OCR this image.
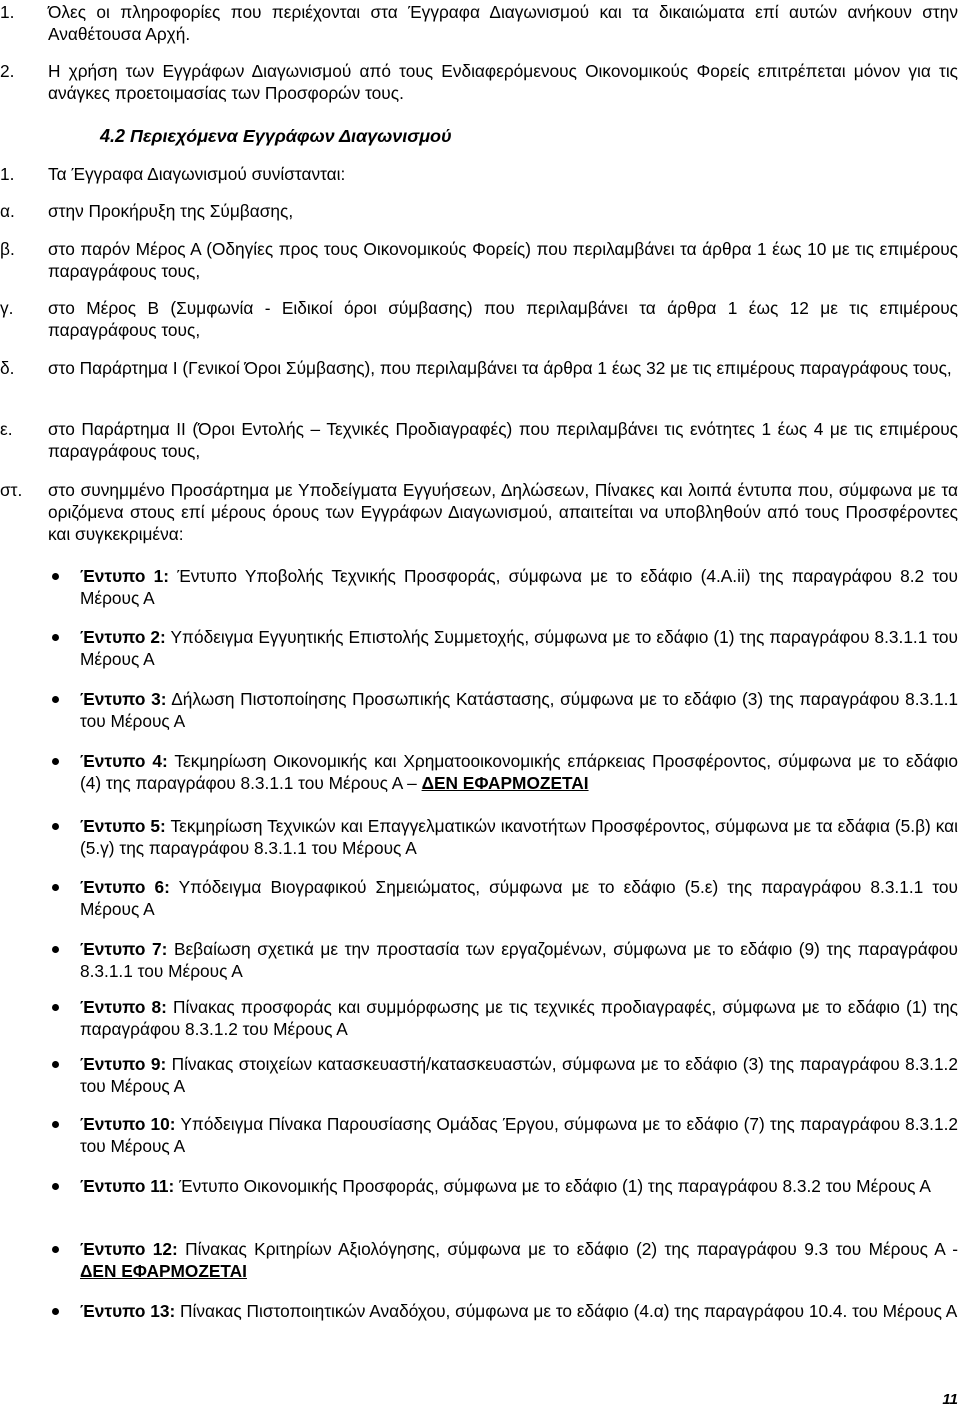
1.	Όλες οι πληροφορίες που περιέχονται στα Έγγραφα Διαγωνισμού και τα δικαιώματα επί αυτών ανήκουν στην Αναθέτουσα Αρχή.
2.	Η χρήση των Εγγράφων Διαγωνισμού από τους Ενδιαφερόμενους Οικονομικούς Φορείς επιτρέπεται μόνον για τις ανάγκες προετοιμασίας των Προσφορών τους.
4.2 Περιεχόμενα Εγγράφων Διαγωνισμού
1.	Τα Έγγραφα Διαγωνισμού συνίστανται:
α.	στην Προκήρυξη της Σύμβασης,
β.	στο παρόν Μέρος Α (Οδηγίες προς τους Οικονομικούς Φορείς) που περιλαμβάνει τα άρθρα 1 έως 10 με τις επιμέρους παραγράφους τους,
γ.	στο Μέρος Β (Συμφωνία - Ειδικοί όροι σύμβασης) που περιλαμβάνει τα άρθρα 1 έως 12 με τις επιμέρους παραγράφους τους,
δ.	στο Παράρτημα Ι (Γενικοί Όροι Σύμβασης), που περιλαμβάνει τα άρθρα 1 έως 32 με τις επιμέρους παραγράφους τους,
ε.	στο Παράρτημα ΙΙ (Όροι Εντολής – Τεχνικές Προδιαγραφές) που περιλαμβάνει τις ενότητες 1 έως 4 με τις επιμέρους παραγράφους τους,
στ.	στο συνημμένο Προσάρτημα με Υποδείγματα Εγγυήσεων, Δηλώσεων, Πίνακες και λοιπά έντυπα που, σύμφωνα με τα οριζόμενα στους επί μέρους όρους των Εγγράφων Διαγωνισμού, απαιτείται να υποβληθούν από τους Προσφέροντες και συγκεκριμένα:
Έντυπο 1: Έντυπο Υποβολής Τεχνικής Προσφοράς, σύμφωνα με το εδάφιο (4.Α.ii) της παραγράφου 8.2 του Μέρους Α
Έντυπο 2: Υπόδειγμα Εγγυητικής Επιστολής Συμμετοχής, σύμφωνα με το εδάφιο (1) της παραγράφου 8.3.1.1 του Μέρους Α
Έντυπο 3: Δήλωση Πιστοποίησης Προσωπικής Κατάστασης, σύμφωνα με το εδάφιο (3) της παραγράφου 8.3.1.1 του Μέρους Α
Έντυπο 4: Τεκμηρίωση Οικονομικής και Χρηματοοικονομικής επάρκειας Προσφέροντος, σύμφωνα με το εδάφιο (4) της παραγράφου 8.3.1.1 του Μέρους Α – ΔΕΝ ΕΦΑΡΜΟΖΕΤΑΙ
Έντυπο 5: Τεκμηρίωση Τεχνικών και Επαγγελματικών ικανοτήτων Προσφέροντος, σύμφωνα με τα εδάφια (5.β) και (5.γ) της παραγράφου 8.3.1.1 του Μέρους Α
Έντυπο 6: Υπόδειγμα Βιογραφικού Σημειώματος, σύμφωνα με το εδάφιο (5.ε) της παραγράφου 8.3.1.1 του Μέρους Α
Έντυπο 7: Βεβαίωση σχετικά με την προστασία των εργαζομένων, σύμφωνα με το εδάφιο (9) της παραγράφου 8.3.1.1 του Μέρους Α
Έντυπο 8: Πίνακας προσφοράς και συμμόρφωσης με τις τεχνικές προδιαγραφές, σύμφωνα με το εδάφιο (1) της παραγράφου 8.3.1.2 του Μέρους Α
Έντυπο 9: Πίνακας στοιχείων κατασκευαστή/κατασκευαστών, σύμφωνα με το εδάφιο (3) της παραγράφου 8.3.1.2 του Μέρους Α
Έντυπο 10: Υπόδειγμα Πίνακα Παρουσίασης Ομάδας Έργου, σύμφωνα με το εδάφιο (7) της παραγράφου 8.3.1.2 του Μέρους Α
Έντυπο 11: Έντυπο Οικονομικής Προσφοράς, σύμφωνα με το εδάφιο (1) της παραγράφου 8.3.2 του Μέρους Α
Έντυπο 12: Πίνακας Κριτηρίων Αξιολόγησης, σύμφωνα με το εδάφιο (2) της παραγράφου 9.3 του Μέρους Α - ΔΕΝ ΕΦΑΡΜΟΖΕΤΑΙ
Έντυπο 13: Πίνακας Πιστοποιητικών Αναδόχου, σύμφωνα με το εδάφιο (4.α) της παραγράφου 10.4. του Μέρους Α
11
